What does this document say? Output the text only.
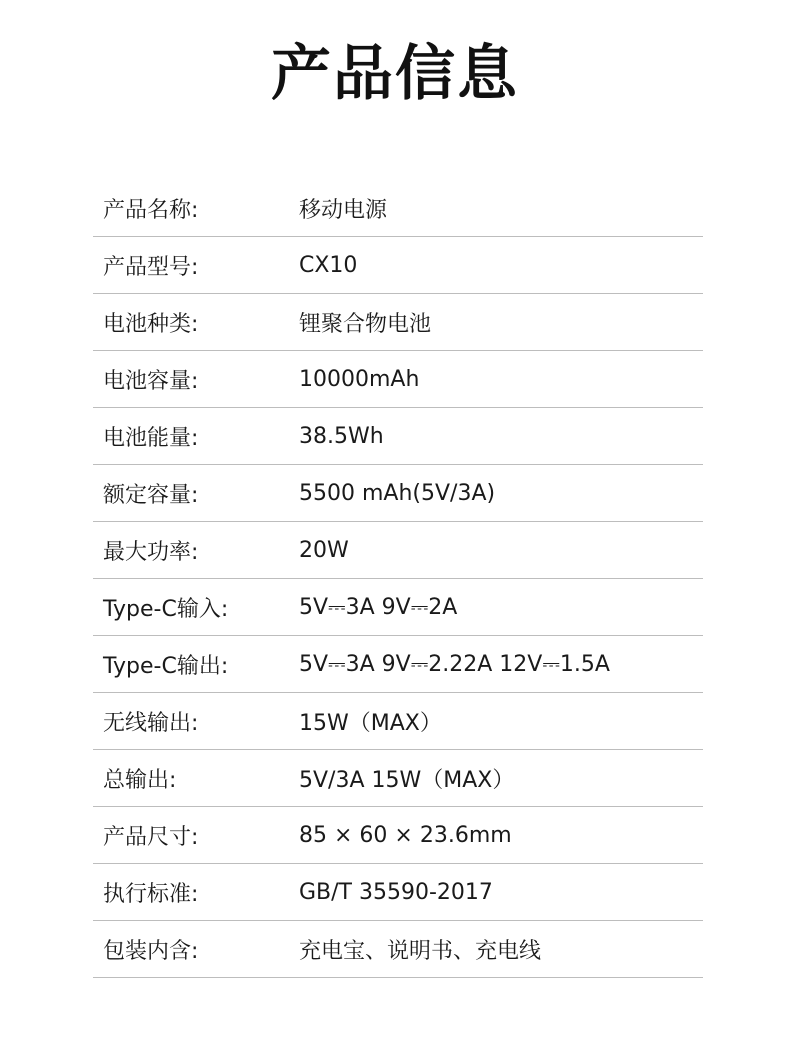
产品信息
产品名称:	移动电源
产品型号:	CX10
电池种类:	锂聚合物电池
电池容量:	10000mAh
电池能量:	38.5Wh
额定容量:	5500 mAh(5V/3A)
最大功率:	20W
Type-C输入:	5V⎓3A 9V⎓2A
Type-C输出:	5V⎓3A 9V⎓2.22A 12V⎓1.5A
无线输出:	15W（MAX）
总输出:	5V/3A 15W（MAX）
产品尺寸:	85 × 60 × 23.6mm
执行标准:	GB/T 35590-2017
包装内含:	充电宝、说明书、充电线
